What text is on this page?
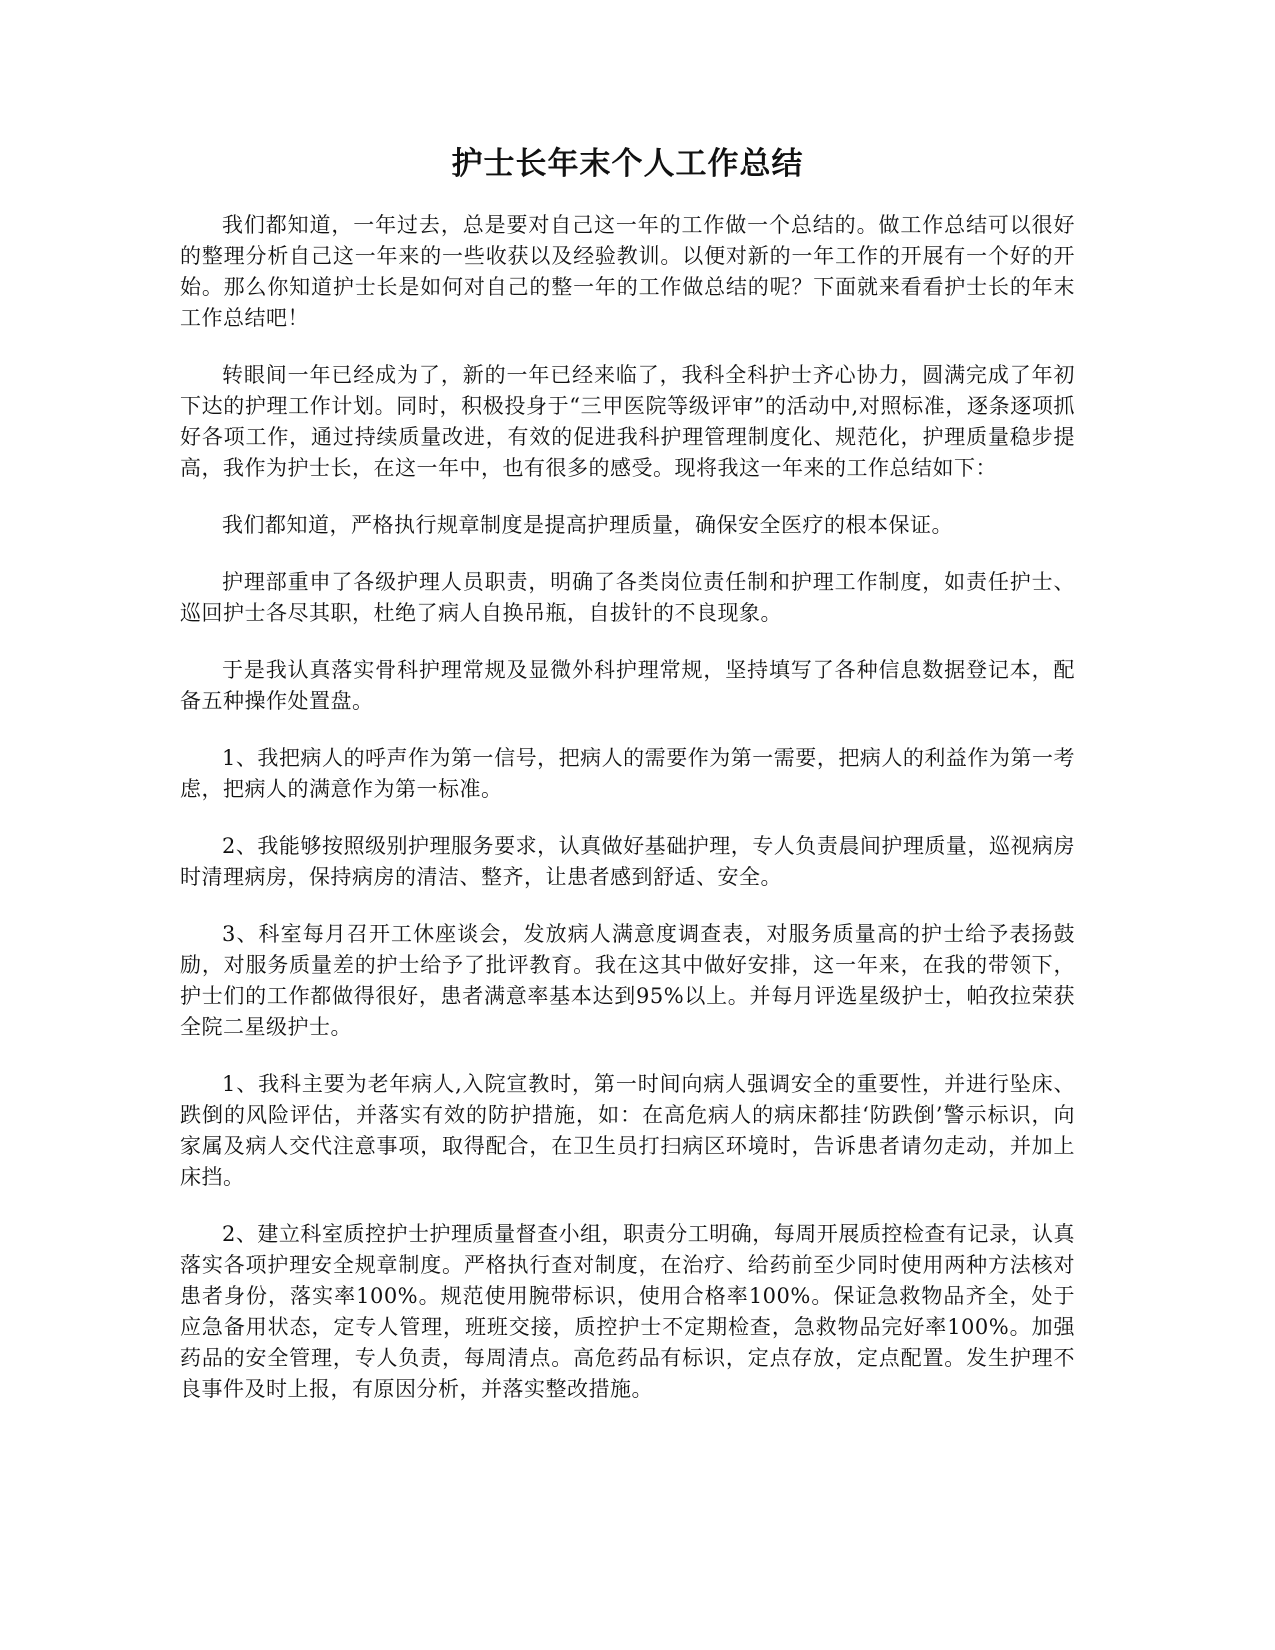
护士长年末个人工作总结

我们都知道，一年过去，总是要对自己这一年的工作做一个总结的。做工作总结可以很好的整理分析自己这一年来的一些收获以及经验教训。以便对新的一年工作的开展有一个好的开始。那么你知道护士长是如何对自己的整一年的工作做总结的呢？下面就来看看护士长的年末工作总结吧！

转眼间一年已经成为了，新的一年已经来临了，我科全科护士齐心协力，圆满完成了年初下达的护理工作计划。同时，积极投身于“三甲医院等级评审”的活动中,对照标准，逐条逐项抓好各项工作，通过持续质量改进，有效的促进我科护理管理制度化、规范化，护理质量稳步提高，我作为护士长，在这一年中，也有很多的感受。现将我这一年来的工作总结如下：

我们都知道，严格执行规章制度是提高护理质量，确保安全医疗的根本保证。

护理部重申了各级护理人员职责，明确了各类岗位责任制和护理工作制度，如责任护士、巡回护士各尽其职，杜绝了病人自换吊瓶，自拔针的不良现象。

于是我认真落实骨科护理常规及显微外科护理常规，坚持填写了各种信息数据登记本，配备五种操作处置盘。

1、我把病人的呼声作为第一信号，把病人的需要作为第一需要，把病人的利益作为第一考虑，把病人的满意作为第一标准。

2、我能够按照级别护理服务要求，认真做好基础护理，专人负责晨间护理质量，巡视病房时清理病房，保持病房的清洁、整齐，让患者感到舒适、安全。

3、科室每月召开工休座谈会，发放病人满意度调查表，对服务质量高的护士给予表扬鼓励，对服务质量差的护士给予了批评教育。我在这其中做好安排，这一年来，在我的带领下，护士们的工作都做得很好，患者满意率基本达到95%以上。并每月评选星级护士，帕孜拉荣获全院二星级护士。

1、我科主要为老年病人,入院宣教时，第一时间向病人强调安全的重要性，并进行坠床、跌倒的风险评估，并落实有效的防护措施，如：在高危病人的病床都挂‘防跌倒’警示标识，向家属及病人交代注意事项，取得配合，在卫生员打扫病区环境时，告诉患者请勿走动，并加上床挡。

2、建立科室质控护士护理质量督查小组，职责分工明确，每周开展质控检查有记录，认真落实各项护理安全规章制度。严格执行查对制度，在治疗、给药前至少同时使用两种方法核对患者身份，落实率100%。规范使用腕带标识，使用合格率100%。保证急救物品齐全，处于应急备用状态，定专人管理，班班交接，质控护士不定期检查，急救物品完好率100%。加强药品的安全管理，专人负责，每周清点。高危药品有标识，定点存放，定点配置。发生护理不良事件及时上报，有原因分析，并落实整改措施。
